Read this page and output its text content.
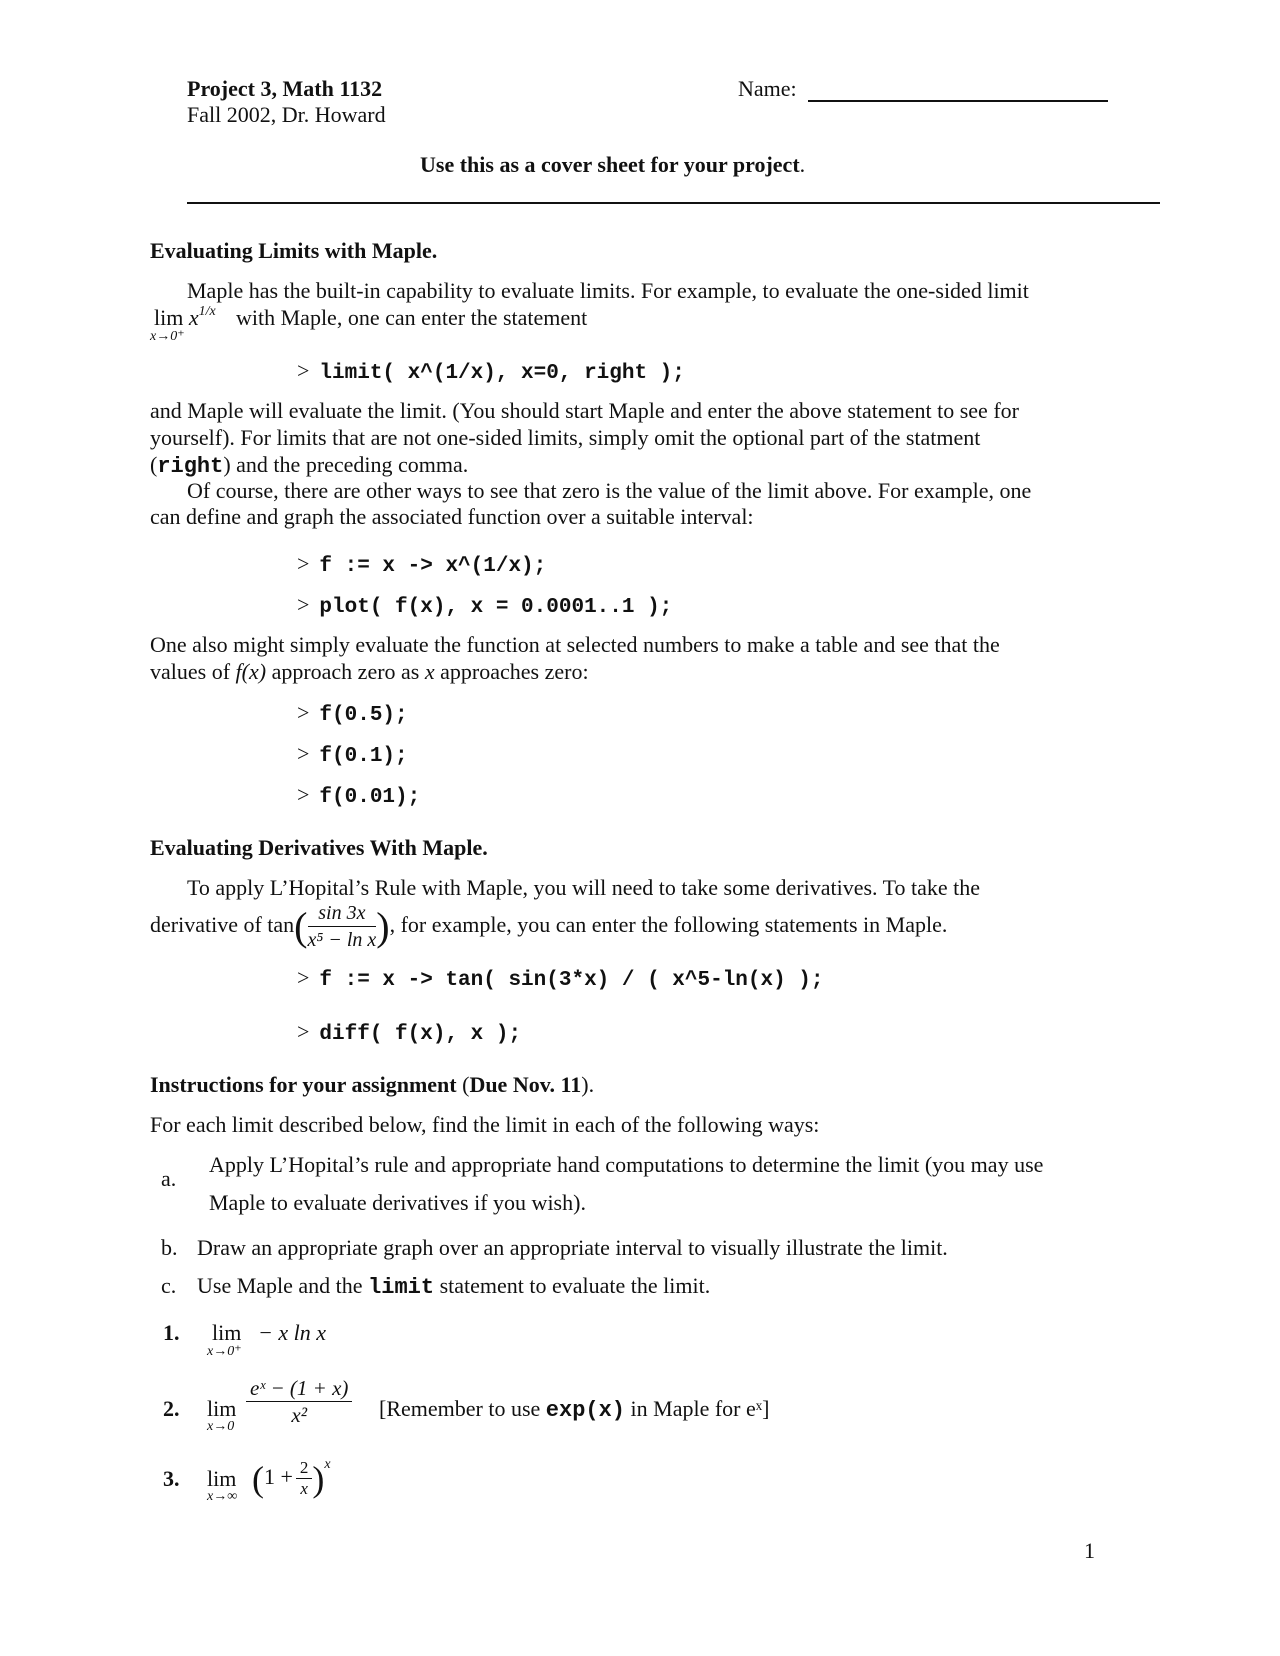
Project 3, Math 1132
Fall 2002, Dr. Howard
Name:
Use this as a cover sheet for your project.
Evaluating Limits with Maple.
Maple has the built-in capability to evaluate limits. For example, to evaluate the one-sided limit
$\lim x^{1/x}$
x→0⁺
with Maple, one can enter the statement
> limit( x^(1/x), x=0, right );
and Maple will evaluate the limit. (You should start Maple and enter the above statement to see for
yourself). For limits that are not one-sided limits, simply omit the optional part of the statment
(right) and the preceding comma.
Of course, there are other ways to see that zero is the value of the limit above. For example, one
can define and graph the associated function over a suitable interval:
> f := x -> x^(1/x);
> plot( f(x), x = 0.0001..1 );
One also might simply evaluate the function at selected numbers to make a table and see that the
values of f(x) approach zero as x approaches zero:
> f(0.5);
> f(0.1);
> f(0.01);
Evaluating Derivatives With Maple.
To apply L’Hopital’s Rule with Maple, you will need to take some derivatives. To take the
derivative of $\tan( \frac{\sin 3x}{\text{x⁵ − ln x}}$ ), for example, you can enter the following statements in Maple.
> f := x -> tan( sin(3*x) / ( x^5-ln(x) );
> diff( f(x), x );
Instructions for your assignment (Due Nov. 11).
For each limit described below, find the limit in each of the following ways:
a.
Apply L’Hopital’s rule and appropriate hand computations to determine the limit (you may use
Maple to evaluate derivatives if you wish).
b. Draw an appropriate graph over an appropriate interval to visually illustrate the limit.
c. Use Maple and the limit statement to evaluate the limit.
1. lim
x→0⁺
− x ln x
2. lim
$x\to 0 \frac{\text{eˣ − (1 + x)}}{\text{x²}}$ [Remember to use exp(x) in Maple for eˣ]
3. lim
x→∞ $(1 + \frac{2}{x} )^x$
1
